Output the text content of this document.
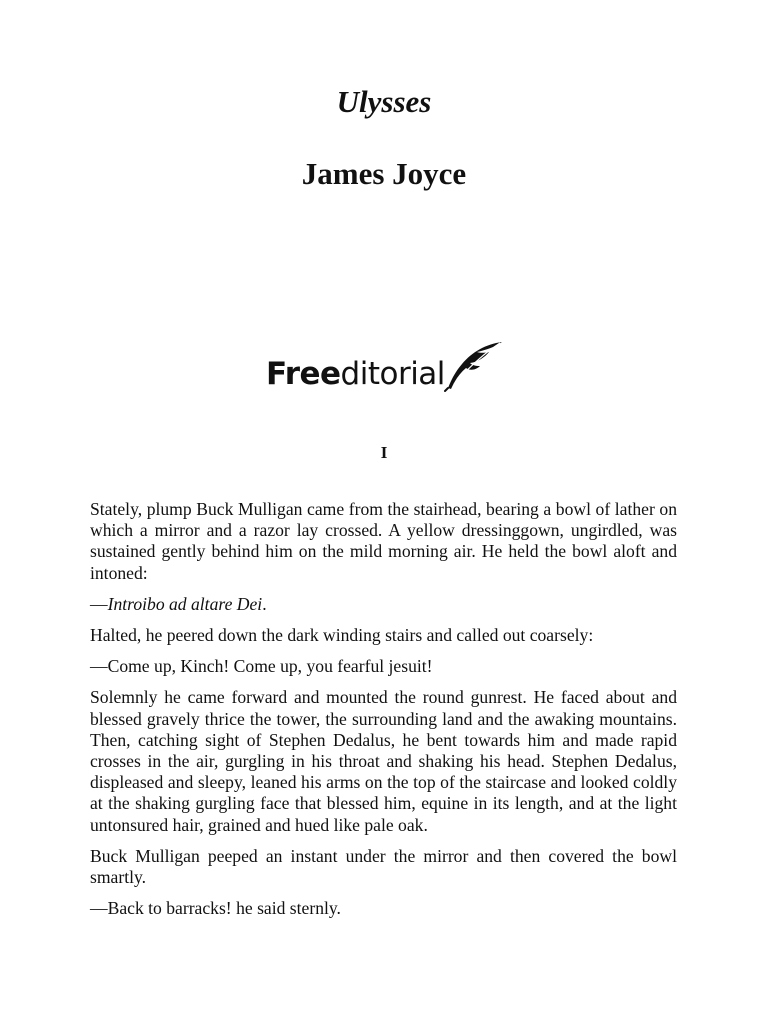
Ulysses
James Joyce
Freeditorial
I

Stately, plump Buck Mulligan came from the stairhead, bearing a bowl of lather on which a mirror and a razor lay crossed. A yellow dressinggown, ungirdled, was sustained gently behind him on the mild morning air. He held the bowl aloft and intoned:

—Introibo ad altare Dei.

Halted, he peered down the dark winding stairs and called out coarsely:

—Come up, Kinch! Come up, you fearful jesuit!

Solemnly he came forward and mounted the round gunrest. He faced about and blessed gravely thrice the tower, the surrounding land and the awaking mountains. Then, catching sight of Stephen Dedalus, he bent towards him and made rapid crosses in the air, gurgling in his throat and shaking his head. Stephen Dedalus, displeased and sleepy, leaned his arms on the top of the staircase and looked coldly at the shaking gurgling face that blessed him, equine in its length, and at the light untonsured hair, grained and hued like pale oak.

Buck Mulligan peeped an instant under the mirror and then covered the bowl smartly.

—Back to barracks! he said sternly.
